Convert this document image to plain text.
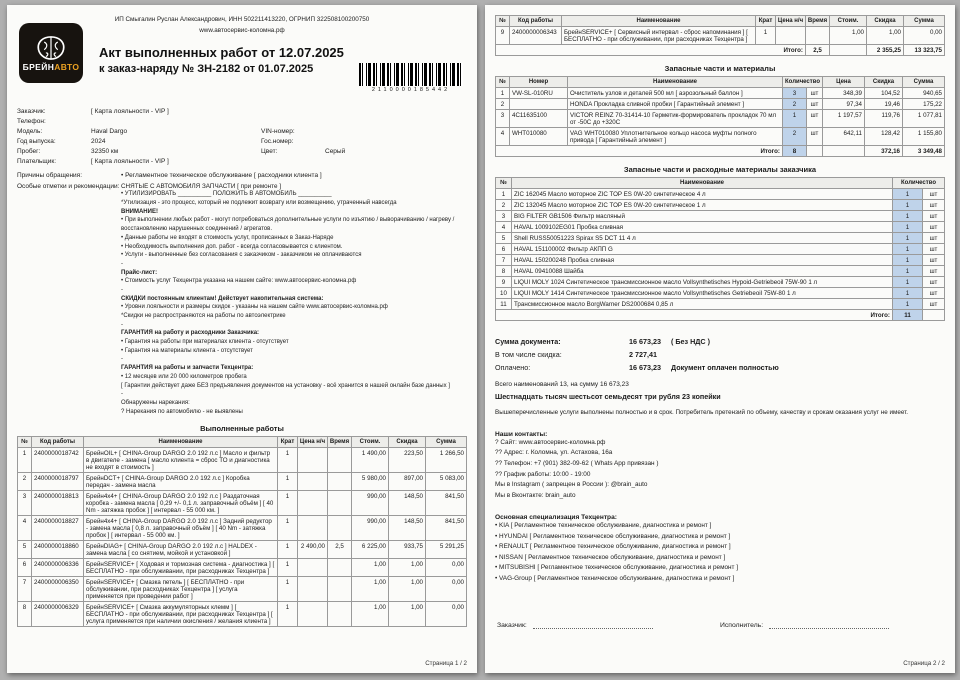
ИП Смыгалин Руслан Александрович, ИНН 502211413220, ОГРНИП 322508100200750
www.автосервис-коломна.рф
БРЕЙНАВТО
Акт выполненных работ от 12.07.2025
к заказ-наряду № ЗН-2182 от 01.07.2025
2110000185442
Заказчик:	[ Карта лояльности - VIP ]
Телефон:
Модель:	Haval Dargo	VIN-номер:
Год выпуска:	2024	Гос.номер:
Пробег:	32350 км	Цвет:	Серый
Плательщик:	[ Карта лояльности - VIP ]
Причины обращения:	• Регламентное техническое обслуживание [ расходники клиента ]
Особые отметки и рекомендации: СНЯТЫЕ С АВТОМОБИЛЯ ЗАПЧАСТИ [ при ремонте ]
• УТИЛИЗИРОВАТЬ __________ ПОЛОЖИТЬ В АВТОМОБИЛЬ __________
*Утилизация - это процесс, который не подлежит возврату или возмещению, утраченный навсегда
ВНИМАНИЕ!
• При выполнении любых работ - могут потребоваться дополнительные услуги по изъятию / выворачиванию / нагреву / восстановлению нарушенных соединений / агрегатов.
• Данные работы не входят в стоимость услуг, прописанных в Заказ-Наряде
• Необходимость выполнения доп. работ - всегда согласовывается с клиентом.
• Услуги - выполненные без согласования с заказчиком - заказчиком не оплачиваются
-
Прайс-лист:
• Стоимость услуг Техцентра указана на нашем сайте: www.автосервис-коломна.рф
-
СКИДКИ постоянным клиентам! Действует накопительная система:
• Уровни лояльности и размеры скидок - указаны на нашем сайте www.автосервис-коломна.рф
*Скидки не распространяются на работы по автоэлектрике
-
ГАРАНТИЯ на работу и расходники Заказчика:
• Гарантия на работы при материалах клиента - отсутствует
• Гарантия на материалы клиента - отсутствует
-
ГАРАНТИЯ на работы и запчасти Техцентра:
• 12 месяцев или 20 000 километров пробега
[ Гарантии действует даже БЕЗ предъявления документов на установку - всё хранится в нашей онлайн базе данных ]
-
Обнаружены нарекания:
? Нарекания по автомобилю - не выявлены
Выполненные работы
№	Код работы	Наименование	Крат	Цена н/ч	Время	Стоим.	Скидка	Сумма
1	2400000018742	БрейнOIL+ [ CHINA-Group DARGO 2.0 192 л.с ] Масло и фильтр в двигателе - замена [ масло клиента = сброс ТО и диагностика не входят в стоимость ]	1			1 490,00	223,50	1 266,50
2	2400000018797	БрейнDCT+ [ CHINA-Group DARGO 2.0 192 л.с ] Коробка передач - замена масла	1			5 980,00	897,00	5 083,00
3	2400000018813	Брейн4x4+ [ CHINA-Group DARGO 2.0 192 л.с ] Раздаточная коробка - замена масла [ 0,29 +/- 0,1 л. заправочный объём ] [ 40 Nm - затяжка пробок ] [ интервал - 55 000 км. ]	1			990,00	148,50	841,50
4	2400000018827	Брейн4x4+ [ CHINA-Group DARGO 2.0 192 л.с ] Задний редуктор - замена масла [ 0,8 л. заправочный объём ] [ 40 Nm - затяжка пробок ] [ интервал - 55 000 км. ]	1			990,00	148,50	841,50
5	2400000018860	БрейнDIAG+ [ CHINA-Group DARGO 2.0 192 л.с ] HALDEX - замена масла [ со снятием, мойкой и установкой ]	1	2 490,00	2,5	6 225,00	933,75	5 291,25
6	2400000006336	БрейнSERVICE+ [ Ходовая и тормозная система - диагностика ] [ БЕСПЛАТНО - при обслуживании, при расходниках Техцентра ]	1			1,00	1,00	0,00
7	2400000006350	БрейнSERVICE+ [ Смазка петель ] [ БЕСПЛАТНО - при обслуживании, при расходниках Техцентра ] [ услуга применяется при проведении работ ]	1			1,00	1,00	0,00
8	2400000006329	БрейнSERVICE+ [ Смазка аккумуляторных клемм ] [ БЕСПЛАТНО - при обслуживании, при расходниках Техцентра ] [ услуга применяется при наличии окисления / желания клиента ]	1			1,00	1,00	0,00
Страница 1 / 2
№	Код работы	Наименование	Крат	Цена н/ч	Время	Стоим.	Скидка	Сумма
9	2400000006343	БрейнSERVICE+ [ Сервисный интервал - сброс напоминания ] [ БЕСПЛАТНО - при обслуживании, при расходниках Техцентра ]	1			1,00	1,00	0,00
Итого:					2,5		2 355,25	13 323,75
Запасные части и материалы
№	Номер	Наименование	Количество		Цена	Скидка	Сумма
1	VW-SL-010RU	Очиститель узлов и деталей 500 мл [ аэрозольный баллон ]	3	шт	348,39	104,52	940,65
2		HONDA Прокладка сливной пробки [ Гарантийный элемент ]	2	шт	97,34	19,46	175,22
3	4C11635100	VICTOR REINZ 70-31414-10 Герметик-формирователь прокладок 70 мл от -50С до +320С	1	шт	1 197,57	119,76	1 077,81
4	WHT010080	VAG WHT010080 Уплотнительное кольцо насоса муфты полного привода [ Гарантийный элемент ]	2	шт	642,11	128,42	1 155,80
Итого:			8			372,16	3 349,48
Запасные части и расходные материалы заказчика
№	Наименование	Количество	
1	ZIC 162045 Масло моторное ZIC TOP ES 0W-20 синтетическое 4 л	1	шт
2	ZIC 132045 Масло моторное ZIC TOP ES 0W-20 синтетическое 1 л	1	шт
3	BIG FILTER GB1506 Фильтр масляный	1	шт
4	HAVAL 1009102EG01 Пробка сливная	1	шт
5	Shell RUSS50051223 Spirax S5 DCT 11 4 л	1	шт
6	HAVAL 151100002 Фильтр АКПП G	1	шт
7	HAVAL 150200248 Пробка сливная	1	шт
8	HAVAL 09410088 Шайба	1	шт
9	LIQUI MOLY 1024 Синтетическое трансмиссионное масло Vollsynthetisches Hypoid-Getriebeoil 75W-90 1 л	1	шт
10	LIQUI MOLY 1414 Синтетическое трансмиссионное масло Vollsynthetisches Getriebeoil 75W-80 1 л	1	шт
11	Трансмиссионное масло BorgWarner DS2000684 0,85 л	1	шт
Итого:		11	
Сумма документа:	16 673,23 ( Без НДС )
В том числе скидка:	2 727,41
Оплачено:	16 673,23 Документ оплачен полностью
Всего наименований 13, на сумму 16 673,23
Шестнадцать тысяч шестьсот семьдесят три рубля 23 копейки
Вышеперечисленные услуги выполнены полностью и в срок. Потребитель претензий по объему, качеству и срокам оказания услуг не имеет.
Наши контакты:
? Сайт: www.автосервис-коломна.рф
?? Адрес: г. Коломна, ул. Астахова, 16а
?? Телефон: +7 (901) 382-09-62 ( Whats App привязан )
?? График работы: 10:00 - 19:00
Мы в Instagram ( запрещен в России ): @brain_auto
Мы в Вконтакте: brain_auto
Основная специализация Техцентра:
• KIA [ Регламентное техническое обслуживание, диагностика и ремонт ]
• HYUNDAI [ Регламентное техническое обслуживание, диагностика и ремонт ]
• RENAULT [ Регламентное техническое обслуживание, диагностика и ремонт ]
• NISSAN [ Регламентное техническое обслуживание, диагностика и ремонт ]
• MITSUBISHI [ Регламентное техническое обслуживание, диагностика и ремонт ]
• VAG-Group [ Регламентное техническое обслуживание, диагностика и ремонт ]
Заказчик:	Исполнитель:
Страница 2 / 2
